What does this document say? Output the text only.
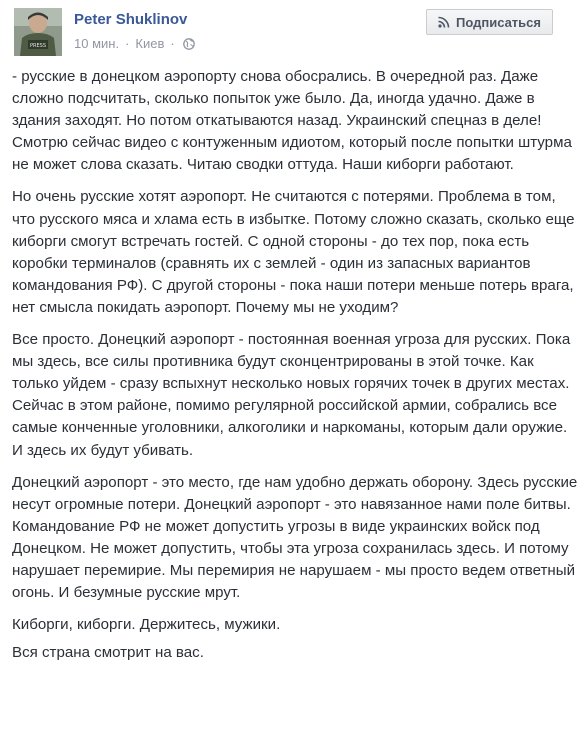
PRESS
Peter Shuklinov
10 мин. · Киев ·
Подписаться

- русские в донецком аэропорту снова обосрались. В очередной раз. Даже сложно подсчитать, сколько попыток уже было. Да, иногда удачно. Даже в здания заходят. Но потом откатываются назад. Украинский спецназ в деле! Смотрю сейчас видео с контуженным идиотом, который после попытки штурма не может слова сказать. Читаю сводки оттуда. Наши киборги работают.

Но очень русские хотят аэропорт. Не считаются с потерями. Проблема в том, что русского мяса и хлама есть в избытке. Потому сложно сказать, сколько еще киборги смогут встречать гостей. С одной стороны - до тех пор, пока есть коробки терминалов (сравнять их с землей - один из запасных вариантов командования РФ). С другой стороны - пока наши потери меньше потерь врага, нет смысла покидать аэропорт. Почему мы не уходим?

Все просто. Донецкий аэропорт - постоянная военная угроза для русских. Пока мы здесь, все силы противника будут сконцентрированы в этой точке. Как только уйдем - сразу вспыхнут несколько новых горячих точек в других местах. Сейчас в этом районе, помимо регулярной российской армии, собрались все самые конченные уголовники, алкоголики и наркоманы, которым дали оружие. И здесь их будут убивать.

Донецкий аэропорт - это место, где нам удобно держать оборону. Здесь русские несут огромные потери. Донецкий аэропорт - это навязанное нами поле битвы. Командование РФ не может допустить угрозы в виде украинских войск под Донецком. Не может допустить, чтобы эта угроза сохранилась здесь. И потому нарушает перемирие. Мы перемирия не нарушаем - мы просто ведем ответный огонь. И безумные русские мрут.

Киборги, киборги. Держитесь, мужики.

Вся страна смотрит на вас.
